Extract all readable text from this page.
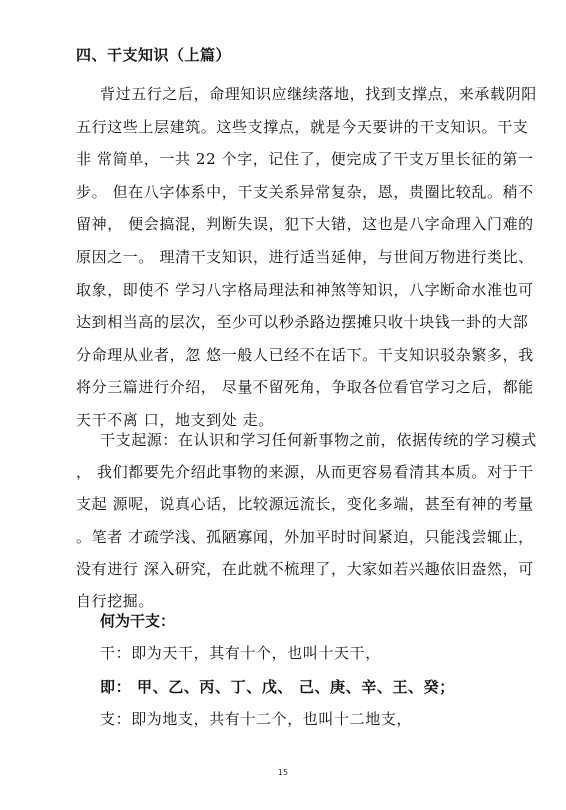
四、干支知识（上篇）
背过五行之后，命理知识应继续落地，找到支撑点，来承载阴阳
五行这些上层建筑。这些支撑点，就是今天要讲的干支知识。干支
非 常简单，一共 22 个字，记住了，便完成了干支万里长征的第一
步。 但在八字体系中，干支关系异常复杂，恩，贵圈比较乱。稍不
留神， 便会搞混，判断失误，犯下大错，这也是八字命理入门难的
原因之一。 理清干支知识，进行适当延伸，与世间万物进行类比、
取象，即使不 学习八字格局理法和神煞等知识，八字断命水准也可
达到相当高的层次，至少可以秒杀路边摆摊只收十块钱一卦的大部
分命理从业者，忽 悠一般人已经不在话下。干支知识驳杂繁多，我
将分三篇进行介绍， 尽量不留死角，争取各位看官学习之后，都能
天干不离 口，地支到处 走。
干支起源：在认识和学习任何新事物之前，依据传统的学习模式
， 我们都要先介绍此事物的来源，从而更容易看清其本质。对于干
支起 源呢，说真心话，比较源远流长，变化多端，甚至有神的考量
。笔者 才疏学浅、孤陋寡闻，外加平时时间紧迫，只能浅尝辄止，
没有进行 深入研究，在此就不梳理了，大家如若兴趣依旧盎然，可
自行挖掘。
何为干支：
干：即为天干，其有十个，也叫十天干，
即： 甲、乙、丙、丁、戊、 己、庚、辛、王、癸；
支：即为地支，共有十二个，也叫十二地支，
15
